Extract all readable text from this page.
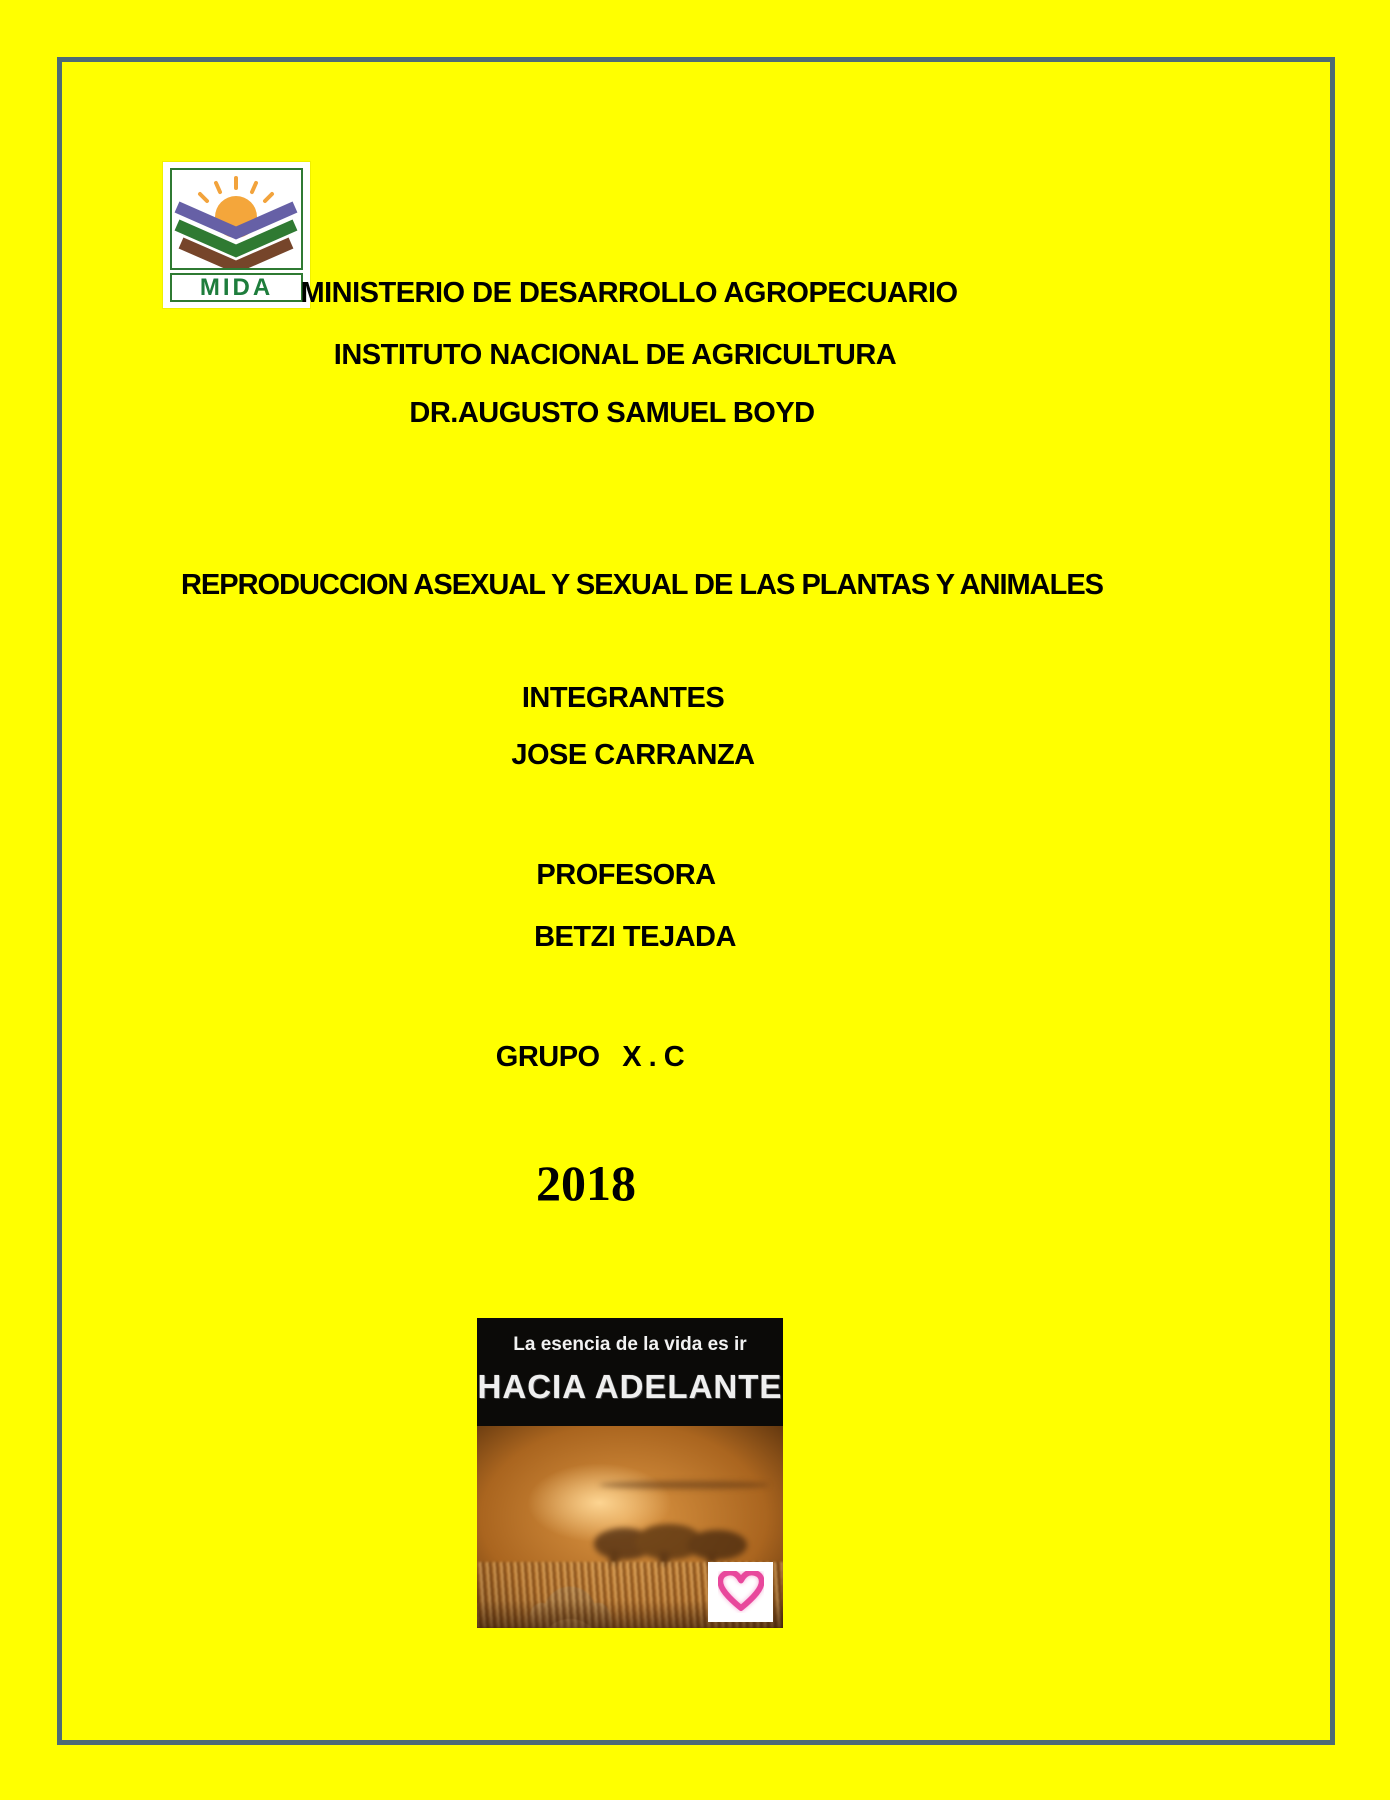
MIDA MINISTERIO DE DESARROLLO AGROPECUARIO
INSTITUTO NACIONAL DE AGRICULTURA
DR.AUGUSTO SAMUEL BOYD
REPRODUCCION ASEXUAL Y SEXUAL DE LAS PLANTAS Y ANIMALES
INTEGRANTES
JOSE CARRANZA
PROFESORA
BETZI TEJADA
GRUPO   X . C
2018
La esencia de la vida es ir
HACIA ADELANTE
